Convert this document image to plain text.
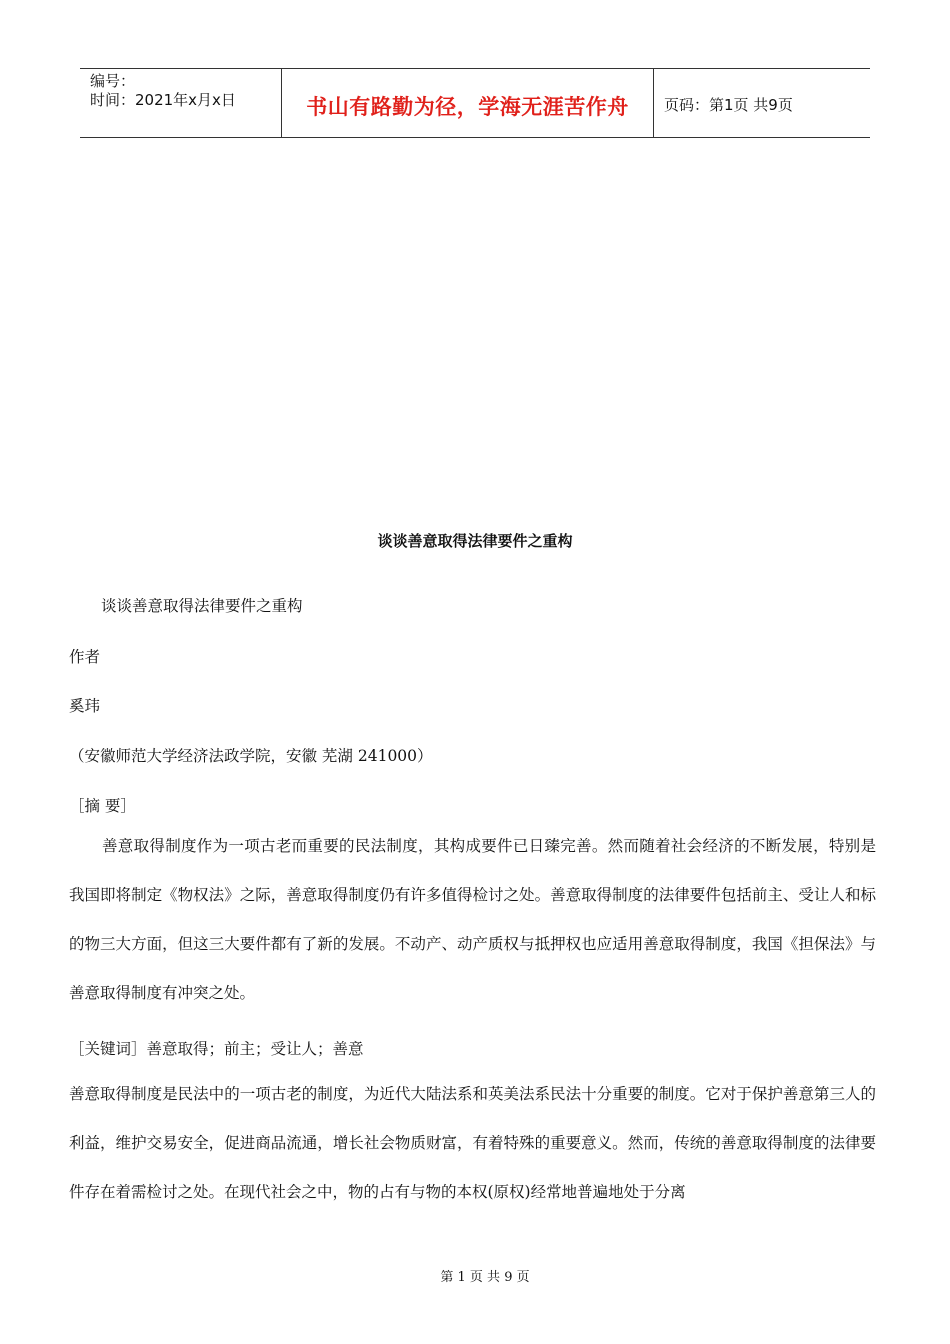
编号：
时间：2021年x月x日	书山有路勤为径，学海无涯苦作舟	页码：第1页 共9页
谈谈善意取得法律要件之重构
谈谈善意取得法律要件之重构
作者
奚玮
（安徽师范大学经济法政学院，安徽 芜湖 241000）
［摘 要］

善意取得制度作为一项古老而重要的民法制度，其构成要件已日臻完善。然而随着社会经济的不断发展，特别是我国即将制定《物权法》之际，善意取得制度仍有许多值得检讨之处。善意取得制度的法律要件包括前主、受让人和标的物三大方面，但这三大要件都有了新的发展。不动产、动产质权与抵押权也应适用善意取得制度，我国《担保法》与善意取得制度有冲突之处。

［关键词］善意取得；前主；受让人；善意

善意取得制度是民法中的一项古老的制度，为近代大陆法系和英美法系民法十分重要的制度。它对于保护善意第三人的利益，维护交易安全，促进商品流通，增长社会物质财富，有着特殊的重要意义。然而，传统的善意取得制度的法律要件存在着需检讨之处。在现代社会之中，物的占有与物的本权(原权)经常地普遍地处于分离

第 1 页 共 9 页
